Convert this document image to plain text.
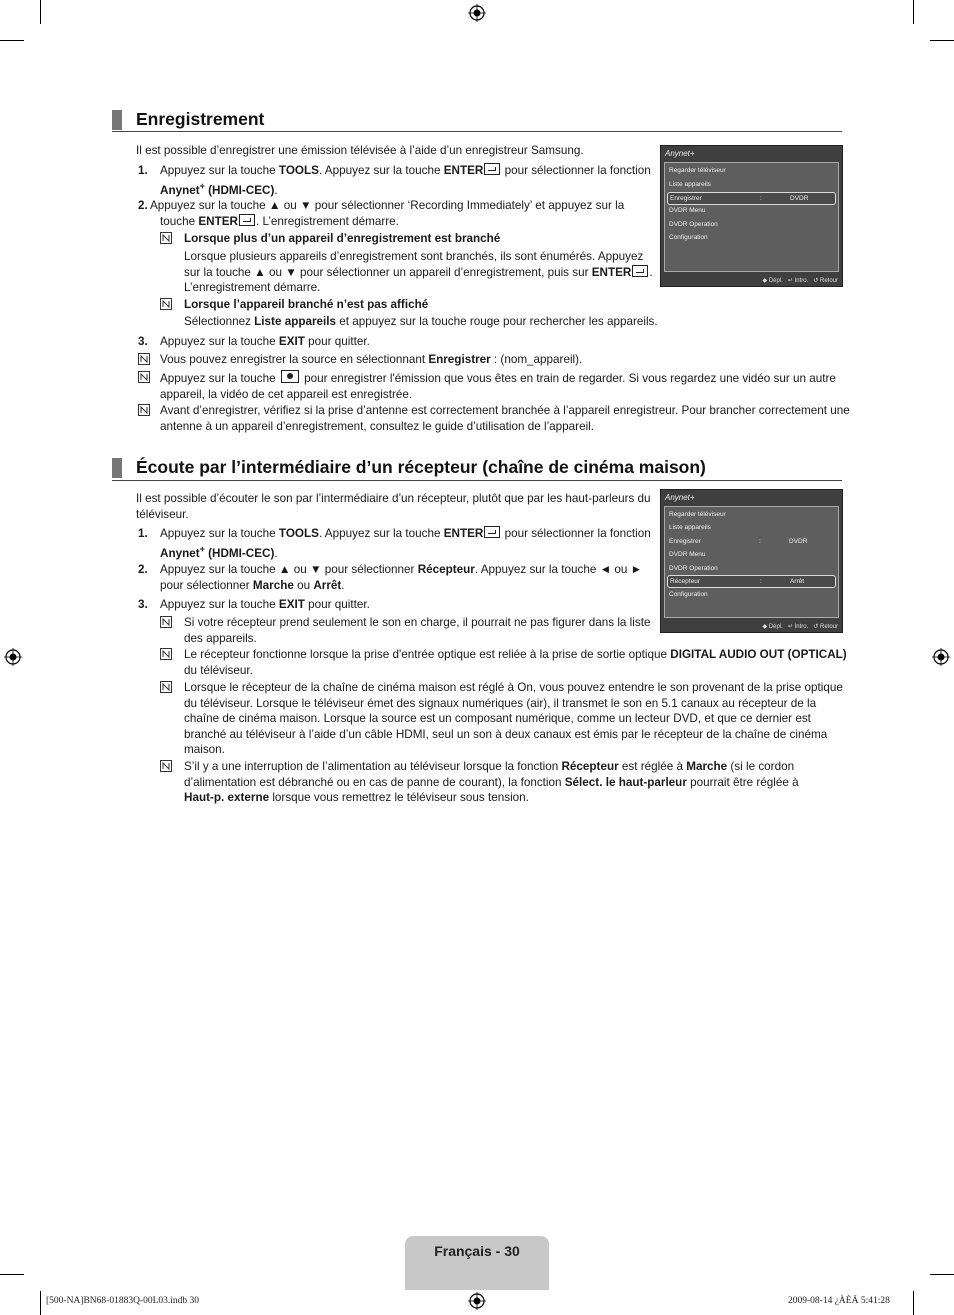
Enregistrement
Il est possible d’enregistrer une émission télévisée à l’aide d’un enregistreur Samsung.
1. Appuyez sur la touche TOOLS. Appuyez sur la touche ENTER pour sélectionner la fonction
Anynet+ (HDMI-CEC).
2. Appuyez sur la touche ▲ ou ▼ pour sélectionner ‘Recording Immediately’ et appuyez sur la
touche ENTER . L’enregistrement démarre.
Lorsque plus d’un appareil d’enregistrement est branché
Lorsque plusieurs appareils d’enregistrement sont branchés, ils sont énumérés. Appuyez
sur la touche ▲ ou ▼ pour sélectionner un appareil d’enregistrement, puis sur ENTER .
L’enregistrement démarre.
Lorsque l’appareil branché n’est pas affiché
Sélectionnez Liste appareils et appuyez sur la touche rouge pour rechercher les appareils.
3. Appuyez sur la touche EXIT pour quitter.
Vous pouvez enregistrer la source en sélectionnant Enregistrer : (nom_appareil).
Appuyez sur la touche  pour enregistrer l'émission que vous êtes en train de regarder. Si vous regardez une vidéo sur un autre
appareil, la vidéo de cet appareil est enregistrée.
Avant d’enregistrer, vérifiez si la prise d’antenne est correctement branchée à l’appareil enregistreur. Pour brancher correctement une
antenne à un appareil d’enregistrement, consultez le guide d’utilisation de l’appareil.
Anynet+
Regarder téléviseur
Liste appareils
Enregistrer	:	DVDR
DVDR Menu
DVDR Operation
Configuration
◆ Dépl. ↵ Intro. ↺ Retour
Écoute par l’intermédiaire d’un récepteur (chaîne de cinéma maison)
Il est possible d’écouter le son par l’intermédiaire d’un récepteur, plutôt que par les haut-parleurs du
téléviseur.
1. Appuyez sur la touche TOOLS. Appuyez sur la touche ENTER pour sélectionner la fonction
Anynet+ (HDMI-CEC).
2. Appuyez sur la touche ▲ ou ▼ pour sélectionner Récepteur. Appuyez sur la touche ◄ ou ►
pour sélectionner Marche ou Arrêt.
3. Appuyez sur la touche EXIT pour quitter.
Si votre récepteur prend seulement le son en charge, il pourrait ne pas figurer dans la liste
des appareils.
Le récepteur fonctionne lorsque la prise d'entrée optique est reliée à la prise de sortie optique DIGITAL AUDIO OUT (OPTICAL)
du téléviseur.
Lorsque le récepteur de la chaîne de cinéma maison est réglé à On, vous pouvez entendre le son provenant de la prise optique
du téléviseur. Lorsque le téléviseur émet des signaux numériques (air), il transmet le son en 5.1 canaux au récepteur de la
chaîne de cinéma maison. Lorsque la source est un composant numérique, comme un lecteur DVD, et que ce dernier est
branché au téléviseur à l’aide d’un câble HDMI, seul un son à deux canaux est émis par le récepteur de la chaîne de cinéma
maison.
S’il y a une interruption de l’alimentation au téléviseur lorsque la fonction Récepteur est réglée à Marche (si le cordon
d’alimentation est débranché ou en cas de panne de courant), la fonction Sélect. le haut-parleur pourrait être réglée à
Haut-p. externe lorsque vous remettrez le téléviseur sous tension.
Anynet+
Regarder téléviseur
Liste appareils
Enregistrer	:	DVDR
DVDR Menu
DVDR Operation
Récepteur	:	Arrêt
Configuration
◆ Dépl. ↵ Intro. ↺ Retour
Français - 30
[500-NA]BN68-01883Q-00L03.indb 30	2009-08-14 ¿ÀÈÄ 5:41:28
